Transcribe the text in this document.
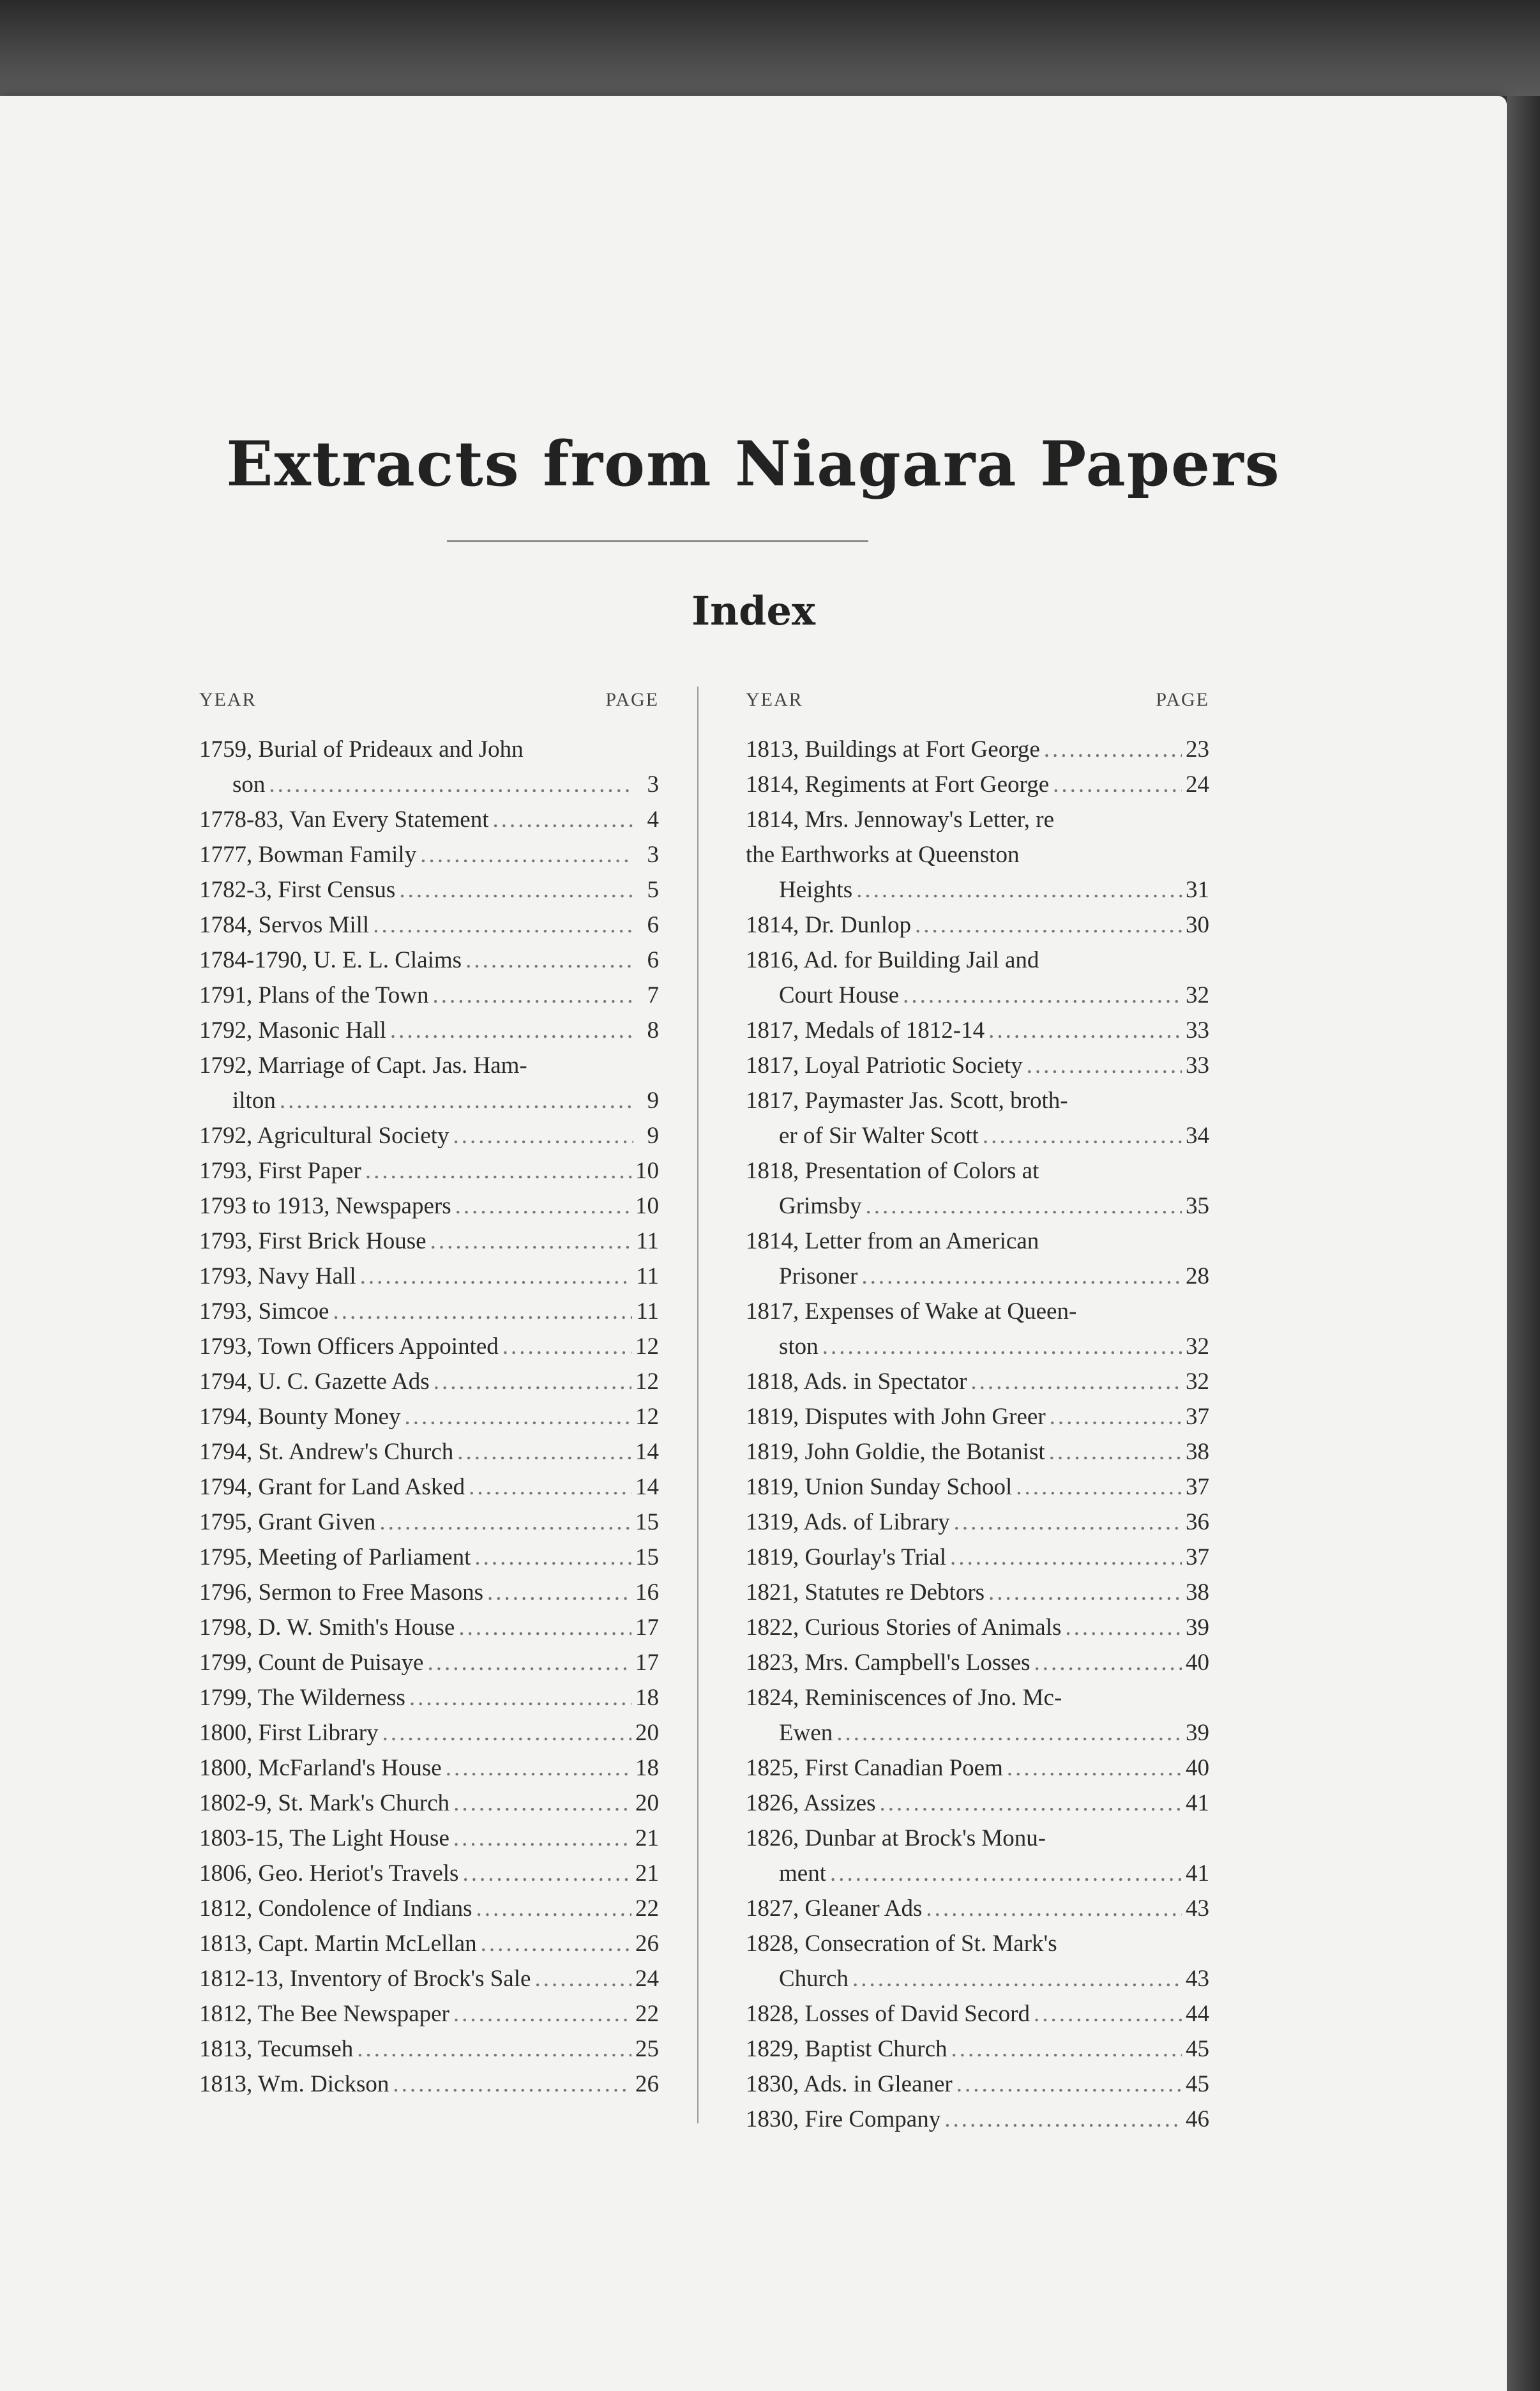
Extracts from Niagara Papers
Index
YEAR	PAGE
1759, Burial of Prideaux and John
son .....	3
1778-83, Van Every Statement .....	4
1777, Bowman Family .....	3
1782-3, First Census .....	5
1784, Servos Mill .....	6
1784-1790, U. E. L. Claims .....	6
1791, Plans of the Town .....	7
1792, Masonic Hall .....	8
1792, Marriage of Capt. Jas. Ham-
ilton .....	9
1792, Agricultural Society .....	9
1793, First Paper .....	10
1793 to 1913, Newspapers .....	10
1793, First Brick House .....	11
1793, Navy Hall .....	11
1793, Simcoe .....	11
1793, Town Officers Appointed .....	12
1794, U. C. Gazette Ads .....	12
1794, Bounty Money .....	12
1794, St. Andrew's Church .....	14
1794, Grant for Land Asked .....	14
1795, Grant Given .....	15
1795, Meeting of Parliament .....	15
1796, Sermon to Free Masons .....	16
1798, D. W. Smith's House .....	17
1799, Count de Puisaye .....	17
1799, The Wilderness .....	18
1800, First Library .....	20
1800, McFarland's House .....	18
1802-9, St. Mark's Church .....	20
1803-15, The Light House .....	21
1806, Geo. Heriot's Travels .....	21
1812, Condolence of Indians .....	22
1813, Capt. Martin McLellan .....	26
1812-13, Inventory of Brock's Sale .....	24
1812, The Bee Newspaper .....	22
1813, Tecumseh .....	25
1813, Wm. Dickson .....	26
YEAR	PAGE
1813, Buildings at Fort George .....	23
1814, Regiments at Fort George .....	24
1814, Mrs. Jennoway's Letter, re
the Earthworks at Queenston
Heights .....	31
1814, Dr. Dunlop .....	30
1816, Ad. for Building Jail and
Court House .....	32
1817, Medals of 1812-14 .....	33
1817, Loyal Patriotic Society .....	33
1817, Paymaster Jas. Scott, broth-
er of Sir Walter Scott .....	34
1818, Presentation of Colors at
Grimsby .....	35
1814, Letter from an American
Prisoner .....	28
1817, Expenses of Wake at Queen-
ston .....	32
1818, Ads. in Spectator .....	32
1819, Disputes with John Greer .....	37
1819, John Goldie, the Botanist .....	38
1819, Union Sunday School .....	37
1319, Ads. of Library .....	36
1819, Gourlay's Trial .....	37
1821, Statutes re Debtors .....	38
1822, Curious Stories of Animals .....	39
1823, Mrs. Campbell's Losses .....	40
1824, Reminiscences of Jno. Mc-
Ewen .....	39
1825, First Canadian Poem .....	40
1826, Assizes .....	41
1826, Dunbar at Brock's Monu-
ment .....	41
1827, Gleaner Ads .....	43
1828, Consecration of St. Mark's
Church .....	43
1828, Losses of David Secord .....	44
1829, Baptist Church .....	45
1830, Ads. in Gleaner .....	45
1830, Fire Company .....	46
